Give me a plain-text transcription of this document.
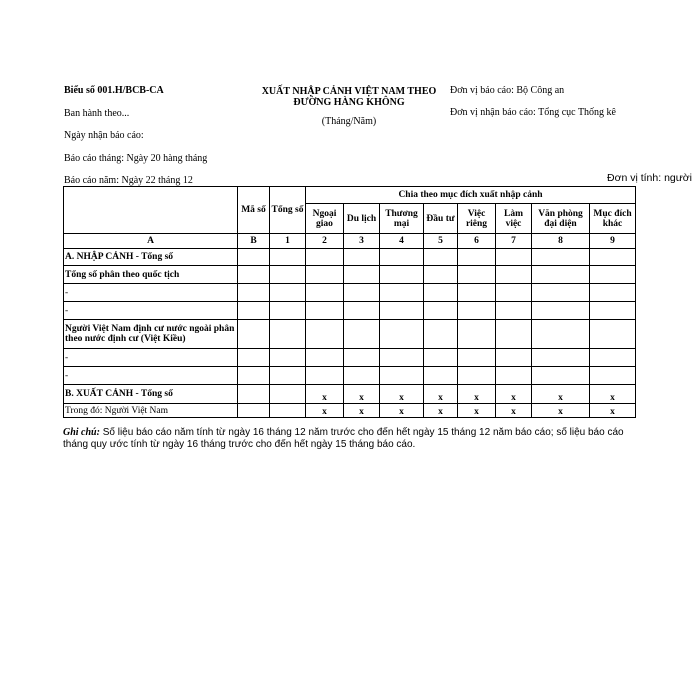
Biểu số 001.H/BCB-CA
Ban hành theo...
Ngày nhận báo cáo:
Báo cáo tháng: Ngày 20 hàng tháng
Báo cáo năm: Ngày 22 tháng 12
XUẤT NHẬP CẢNH VIỆT NAM THEO
ĐƯỜNG HÀNG KHÔNG
(Tháng/Năm)
Đơn vị báo cáo: Bộ Công an
Đơn vị nhận báo cáo: Tổng cục Thống kê
Đơn vị tính: người
	Mã số	Tổng số	Chia theo mục đích xuất nhập cảnh							
			Ngoại giao	Du lịch	Thương mại	Đầu tư	Việc riêng	Làm việc	Văn phòng đại diện	Mục đích khác
A	B	1	2	3	4	5	6	7	8	9
A. NHẬP CẢNH - Tổng số										
Tổng số phân theo quốc tịch										
-										
-										
Người Việt Nam định cư nước ngoài phân theo nước định cư (Việt Kiều)										
-										
-										
B. XUẤT CẢNH - Tổng số			x	x	x	x	x	x	x	x
Trong đó: Người Việt Nam			x	x	x	x	x	x	x	x
Ghi chú: Số liệu báo cáo năm tính từ ngày 16 tháng 12 năm trước cho đến hết ngày 15 tháng 12 năm báo cáo; số liệu báo cáo tháng quy ước tính từ ngày 16 tháng trước cho đến hết ngày 15 tháng báo cáo.
